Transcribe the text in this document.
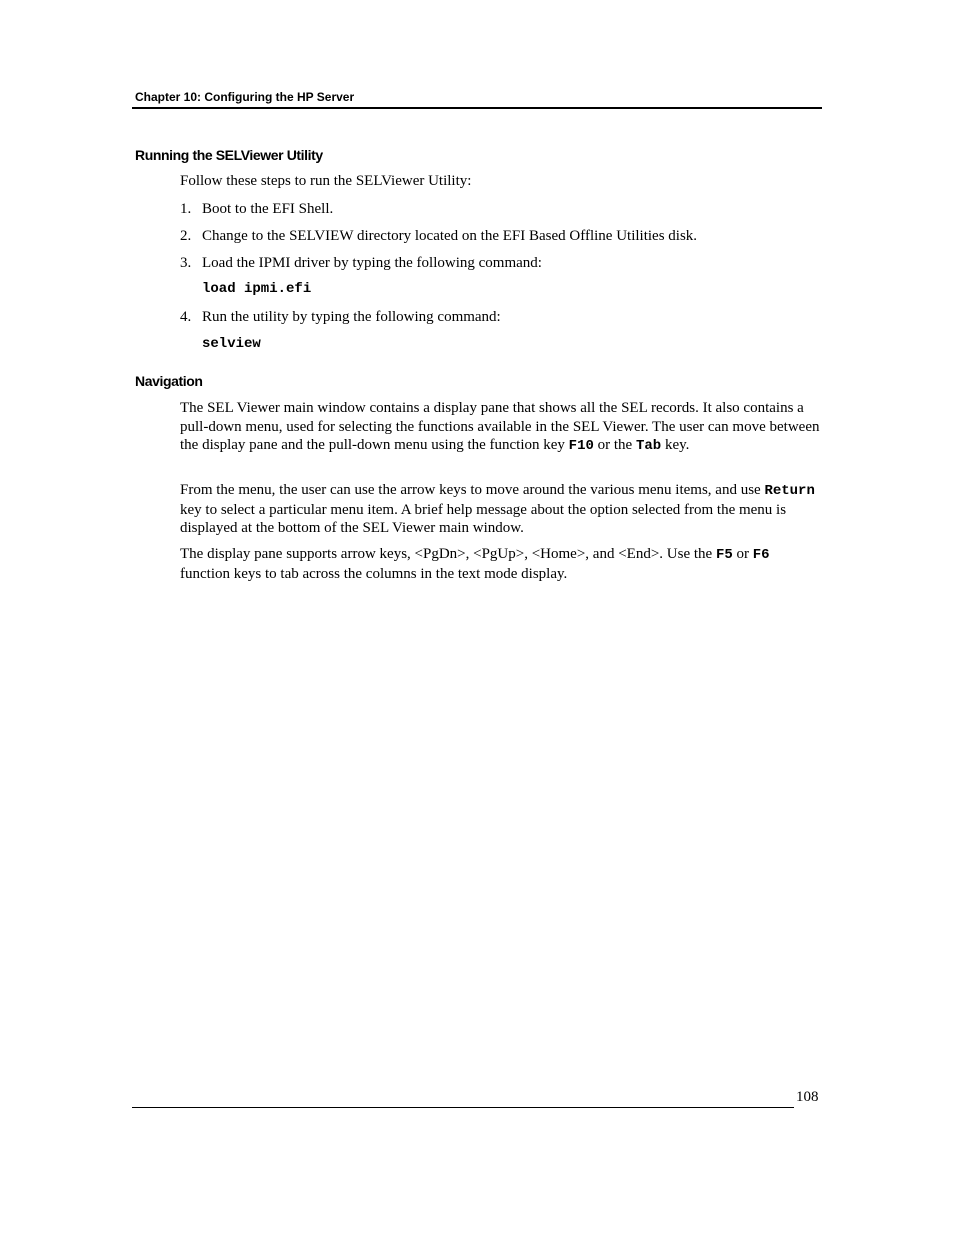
Chapter 10: Configuring the HP Server
Running the SELViewer Utility
Follow these steps to run the SELViewer Utility:
1. Boot to the EFI Shell.
2. Change to the SELVIEW directory located on the EFI Based Offline Utilities disk.
3. Load the IPMI driver by typing the following command:
load ipmi.efi
4. Run the utility by typing the following command:
selview
Navigation
The SEL Viewer main window contains a display pane that shows all the SEL records. It also contains a pull-down menu, used for selecting the functions available in the SEL Viewer. The user can move between the display pane and the pull-down menu using the function key F10 or the Tab key.
From the menu, the user can use the arrow keys to move around the various menu items, and use Return key to select a particular menu item. A brief help message about the option selected from the menu is displayed at the bottom of the SEL Viewer main window.
The display pane supports arrow keys, <PgDn>, <PgUp>, <Home>, and <End>. Use the F5 or F6 function keys to tab across the columns in the text mode display.
108
